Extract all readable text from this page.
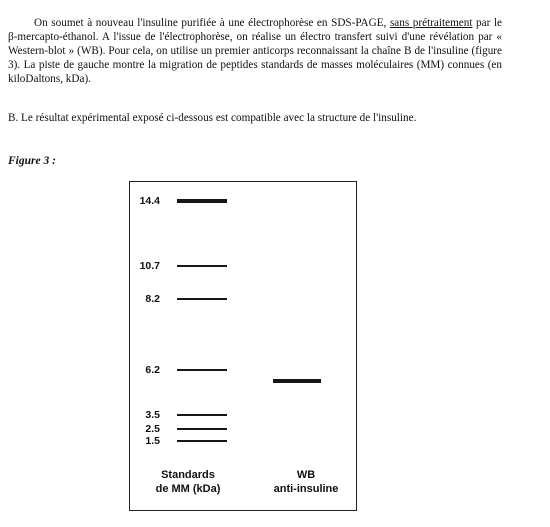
On soumet à nouveau l'insuline purifiée à une électrophorèse en SDS-PAGE, sans prétraitement par le β-mercapto-éthanol. A l'issue de l'électrophorèse, on réalise un électro transfert suivi d'une révélation par « Western-blot » (WB). Pour cela, on utilise un premier anticorps reconnaissant la chaîne B de l'insuline (figure 3). La piste de gauche montre la migration de peptides standards de masses moléculaires (MM) connues (en kiloDaltons, kDa).

B. Le résultat expérimental exposé ci-dessous est compatible avec la structure de l'insuline.

Figure 3 :
Standards
de MM (kDa)
WB
anti-insuline
14.4
10.7
8.2
6.2
3.5
2.5
1.5
